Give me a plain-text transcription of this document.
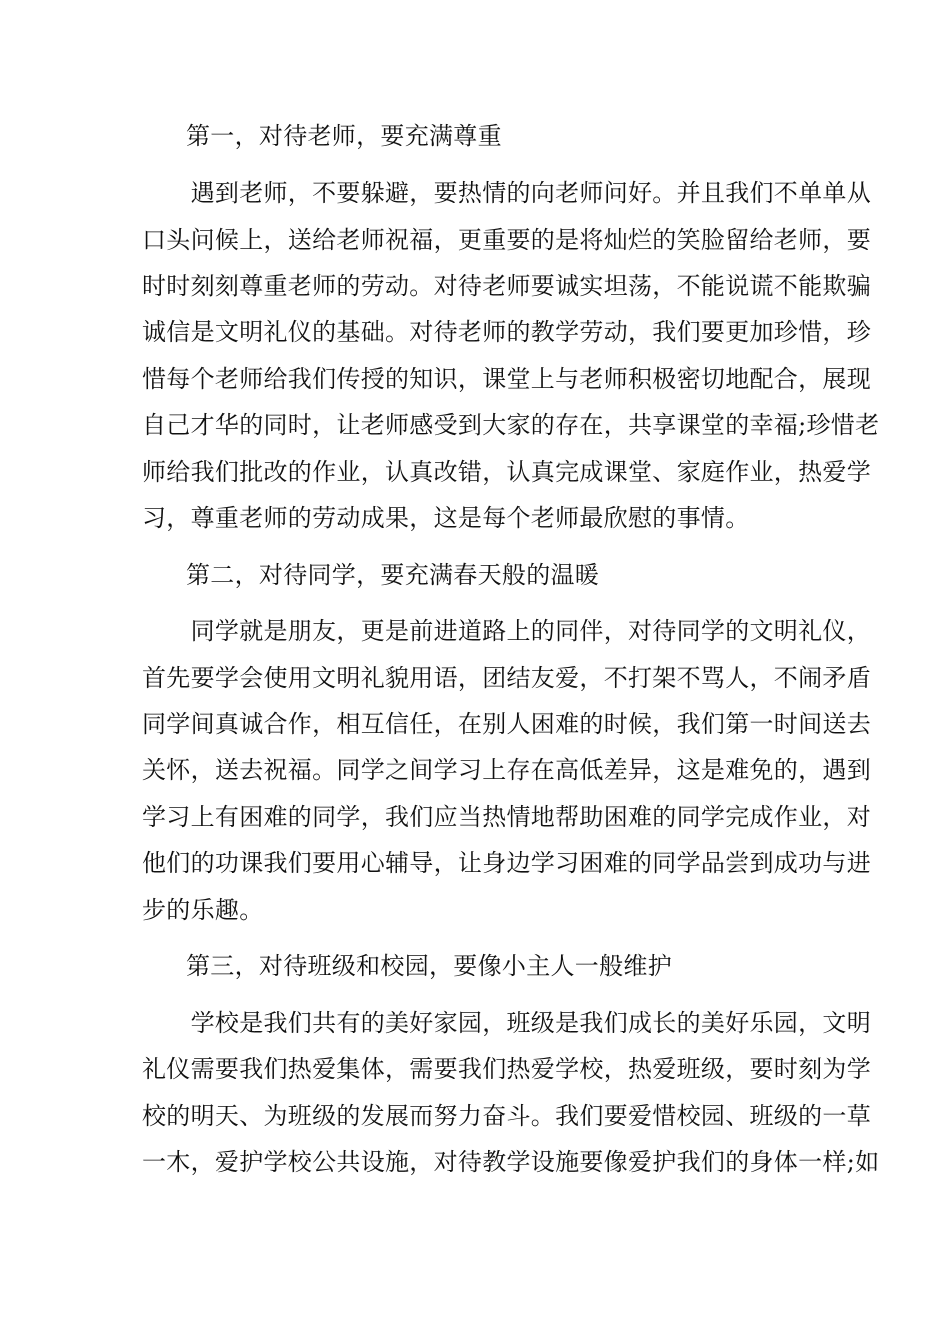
第一，对待老师，要充满尊重
　　遇到老师，不要躲避，要热情的向老师问好。并且我们不单单从
口头问候上，送给老师祝福，更重要的是将灿烂的笑脸留给老师，要
时时刻刻尊重老师的劳动。对待老师要诚实坦荡，不能说谎不能欺骗
诚信是文明礼仪的基础。对待老师的教学劳动，我们要更加珍惜，珍
惜每个老师给我们传授的知识，课堂上与老师积极密切地配合，展现
自己才华的同时，让老师感受到大家的存在，共享课堂的幸福;珍惜老
师给我们批改的作业，认真改错，认真完成课堂、家庭作业，热爱学
习，尊重老师的劳动成果，这是每个老师最欣慰的事情。
第二，对待同学，要充满春天般的温暖
　　同学就是朋友，更是前进道路上的同伴，对待同学的文明礼仪，
首先要学会使用文明礼貌用语，团结友爱，不打架不骂人，不闹矛盾
同学间真诚合作，相互信任，在别人困难的时候，我们第一时间送去
关怀，送去祝福。同学之间学习上存在高低差异，这是难免的，遇到
学习上有困难的同学，我们应当热情地帮助困难的同学完成作业，对
他们的功课我们要用心辅导，让身边学习困难的同学品尝到成功与进
步的乐趣。
第三，对待班级和校园，要像小主人一般维护
　　学校是我们共有的美好家园，班级是我们成长的美好乐园，文明
礼仪需要我们热爱集体，需要我们热爱学校，热爱班级，要时刻为学
校的明天、为班级的发展而努力奋斗。我们要爱惜校园、班级的一草
一木，爱护学校公共设施，对待教学设施要像爱护我们的身体一样;如
